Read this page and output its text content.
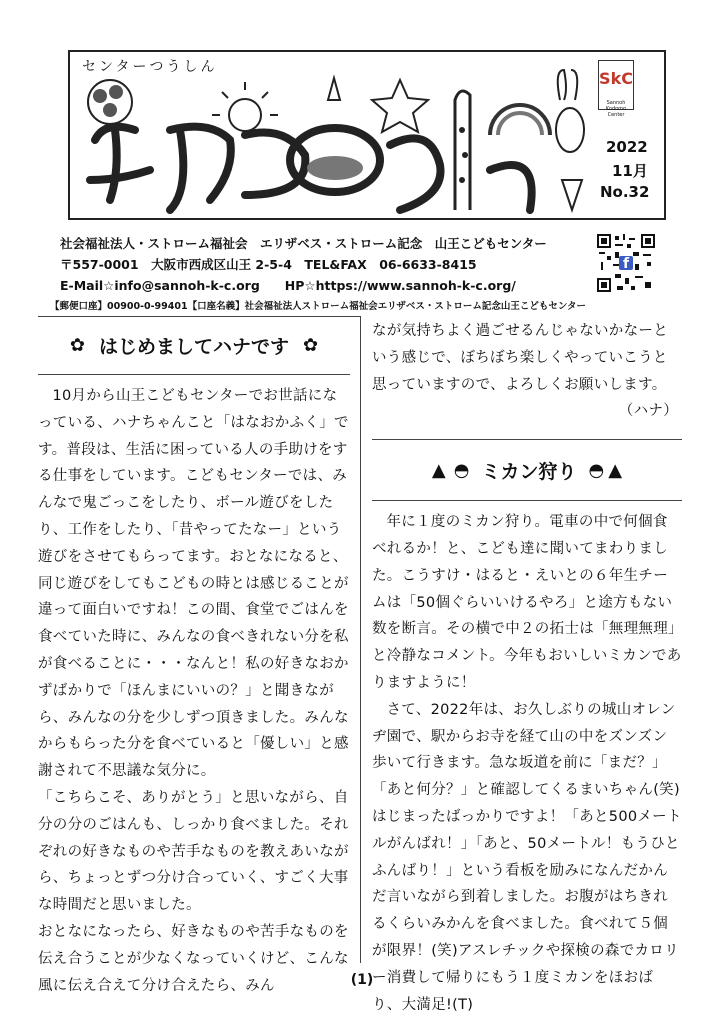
センターつうしん
SkC
Sannoh Kodomo Center
2022
11月
No.32
社会福祉法人・ストローム福祉会　エリザベス・ストローム記念　山王こどもセンター
〒557-0001　大阪市西成区山王 2-5-4　TEL&FAX　06-6633-8415
E-Mail☆info@sannoh-k-c.org　　HP☆https://www.sannoh-k-c.org/
【郵便口座】00900-0-99401【口座名義】社会福祉法人ストローム福祉会エリザベス・ストローム記念山王こどもセンター
f
✿ はじめましてハナです ✿

10月から山王こどもセンターでお世話になっている、ハナちゃんこと「はなおかふく」です。普段は、生活に困っている人の手助けをする仕事をしています。こどもセンターでは、みんなで鬼ごっこをしたり、ボール遊びをしたり、工作をしたり、「昔やってたなー」という遊びをさせてもらってます。おとなになると、同じ遊びをしてもこどもの時とは感じることが違って面白いですね！この間、食堂でごはんを食べていた時に、みんなの食べきれない分を私が食べることに・・・なんと！私の好きなおかずばかりで「ほんまにいいの？」と聞きながら、みんなの分を少しずつ頂きました。みんなからもらった分を食べていると「優しい」と感謝されて不思議な気分に。

「こちらこそ、ありがとう」と思いながら、自分の分のごはんも、しっかり食べました。それぞれの好きなものや苦手なものを教えあいながら、ちょっとずつ分け合っていく、すごく大事な時間だと思いました。

おとなになったら、好きなものや苦手なものを伝え合うことが少なくなっていくけど、こんな風に伝え合えて分け合えたら、みん

なが気持ちよく過ごせるんじゃないかなーという感じで、ぼちぼち楽しくやっていこうと思っていますので、よろしくお願いします。

（ハナ）

▲ ◓ ミカン狩り ◓ ▲

年に１度のミカン狩り。電車の中で何個食べれるか！と、こども達に聞いてまわりました。こうすけ・はると・えいとの６年生チームは「50個ぐらいいけるやろ」と途方もない数を断言。その横で中２の拓士は「無理無理」と冷静なコメント。今年もおいしいミカンでありますように！

さて、2022年は、お久しぶりの城山オレンヂ園で、駅からお寺を経て山の中をズンズン歩いて行きます。急な坂道を前に「まだ？」「あと何分？」と確認してくるまいちゃん(笑)はじまったばっかりですよ！「あと500メートルがんばれ！」「あと、50メートル！もうひとふんばり！」という看板を励みになんだかんだ言いながら到着しました。お腹がはちきれるくらいみかんを食べました。食べれて５個が限界！(笑)アスレチックや探検の森でカロリー消費して帰りにもう１度ミカンをほおばり、大満足!(T)

(1)
